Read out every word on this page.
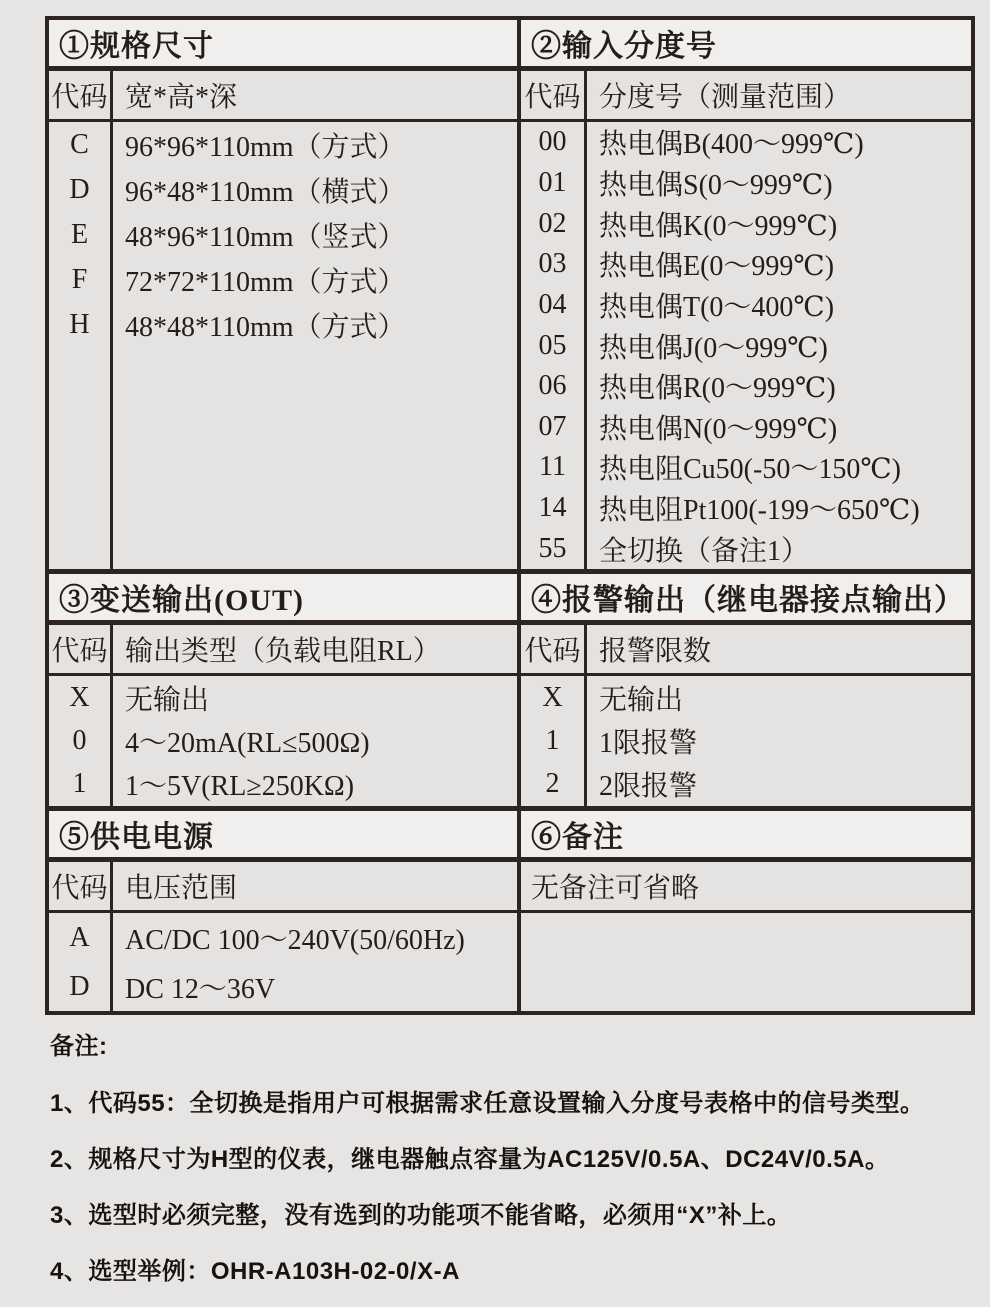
①规格尺寸
代码 宽*高*深
C
D
E
F
H
96*96*110mm（方式）
96*48*110mm（横式）
48*96*110mm（竖式）
72*72*110mm（方式）
48*48*110mm（方式）
③变送输出(OUT)
代码 输出类型（负载电阻RL）
X
0
1
无输出
4～20mA(RL≤500Ω)
1～5V(RL≥250KΩ)
⑤供电电源
代码 电压范围
A
D
AC/DC 100～240V(50/60Hz)
DC 12～36V
②输入分度号
代码 分度号（测量范围）
00
01
02
03
04
05
06
07
11
14
55
热电偶B(400～999℃)
热电偶S(0～999℃)
热电偶K(0～999℃)
热电偶E(0～999℃)
热电偶T(0～400℃)
热电偶J(0～999℃)
热电偶R(0～999℃)
热电偶N(0～999℃)
热电阻Cu50(-50～150℃)
热电阻Pt100(-199～650℃)
全切换（备注1）
④报警输出（继电器接点输出）
代码 报警限数
X
1
2
无输出
1限报警
2限报警
⑥备注
无备注可省略
备注:
1、代码55：全切换是指用户可根据需求任意设置输入分度号表格中的信号类型。
2、规格尺寸为H型的仪表，继电器触点容量为AC125V/0.5A、DC24V/0.5A。
3、选型时必须完整，没有选到的功能项不能省略，必须用“X”补上。
4、选型举例：OHR-A103H-02-0/X-A
